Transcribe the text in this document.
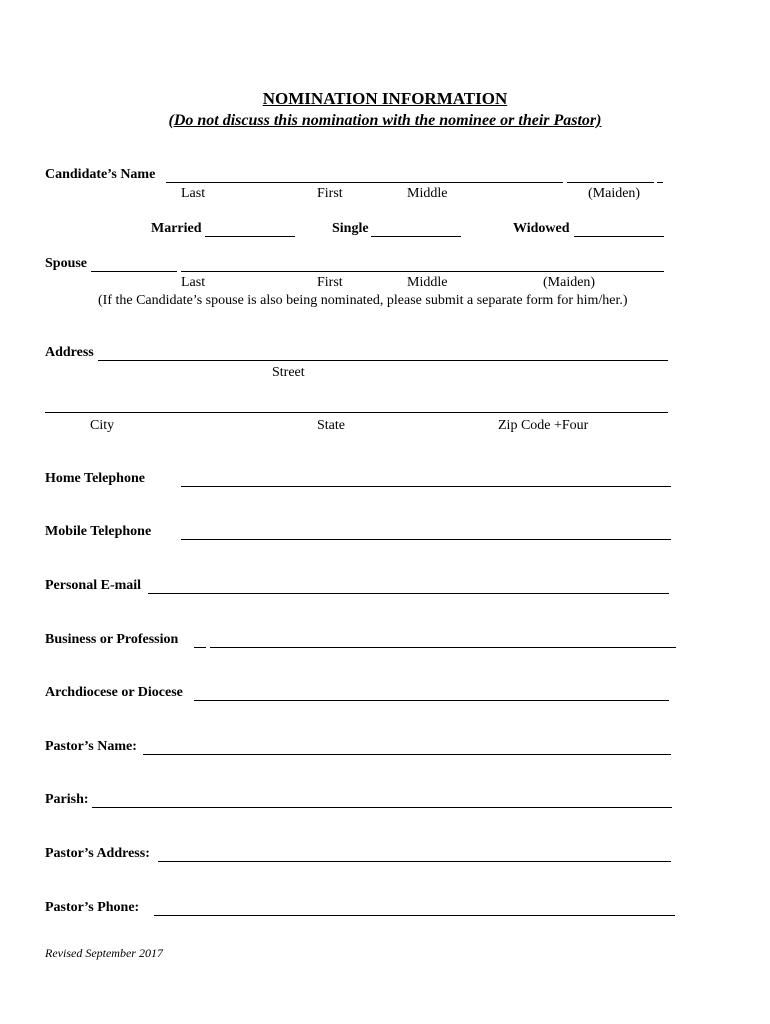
NOMINATION INFORMATION
(Do not discuss this nomination with the nominee or their Pastor)
Candidate’s Name
Last	First	Middle	(Maiden)
Married	Single	Widowed
Spouse
Last	First	Middle	(Maiden)
(If the Candidate’s spouse is also being nominated, please submit a separate form for him/her.)
Address
Street
City	State	Zip Code +Four
Home Telephone
Mobile Telephone
Personal E-mail
Business or Profession
Archdiocese or Diocese
Pastor’s Name:
Parish:
Pastor’s Address:
Pastor’s Phone:
Revised September 2017
